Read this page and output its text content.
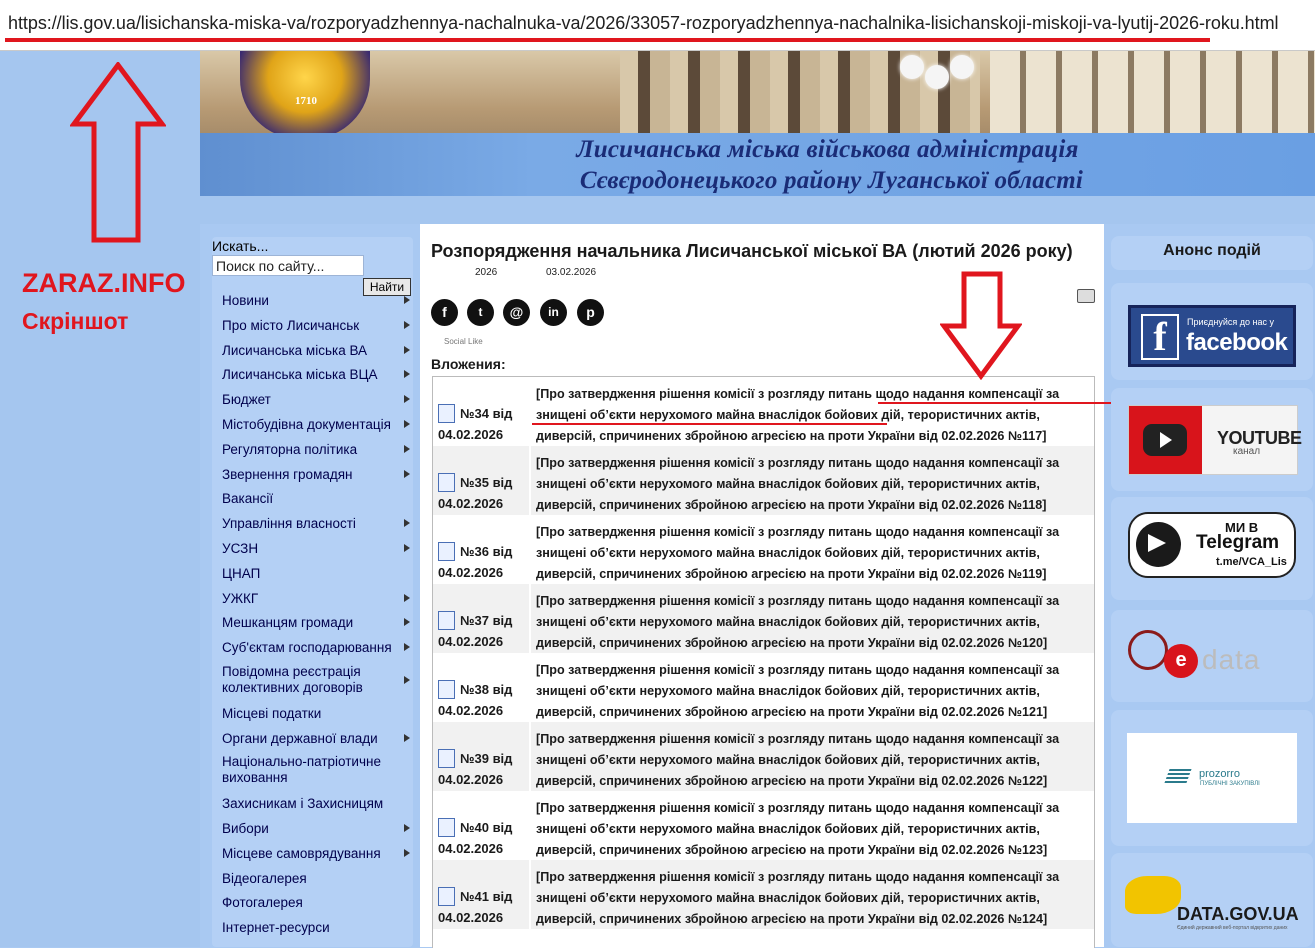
https://lis.gov.ua/lisichanska-miska-va/rozporyadzhennya-nachalnuka-va/2026/33057-rozporyadzhennya-nachalnika-lisichanskoji-miskoji-va-lyutij-2026-roku.html
1710
Лисичанська міська військова адміністрація
Сєвєродонецького району Луганської області
ZARAZ.INFO
Скріншот
Искать...
Поиск по сайту...
Найти
Новини
Про місто Лисичанськ
Лисичанська міська ВА
Лисичанська міська ВЦА
Бюджет
Містобудівна документація
Регуляторна політика
Звернення громадян
Вакансії
Управління власності
УСЗН
ЦНАП
УЖКГ
Мешканцям громади
Суб'єктам господарювання
Повідомна реєстрація колективних договорів
Місцеві податки
Органи державної влади
Національно-патріотичне виховання
Захисникам і Захисницям
Вибори
Місцеве самоврядування
Відеогалерея
Фотогалерея
Інтернет-ресурси
Розпорядження начальника Лисичанської міської ВА (лютий 2026 року)
2026	03.02.2026
f	t	@	in	p
Social Like
Вложения:
№34 від
04.02.2026
[Про затвердження рішення комісії з розгляду питань щодо надання компенсації за знищені об’єкти нерухомого майна внаслідок бойових дій, терористичних актів, диверсій, спричинених збройною агресією на проти України від 02.02.2026 №117]
№35 від
04.02.2026
[Про затвердження рішення комісії з розгляду питань щодо надання компенсації за знищені об’єкти нерухомого майна внаслідок бойових дій, терористичних актів, диверсій, спричинених збройною агресією на проти України від 02.02.2026 №118]
№36 від
04.02.2026
[Про затвердження рішення комісії з розгляду питань щодо надання компенсації за знищені об’єкти нерухомого майна внаслідок бойових дій, терористичних актів, диверсій, спричинених збройною агресією на проти України від 02.02.2026 №119]
№37 від
04.02.2026
[Про затвердження рішення комісії з розгляду питань щодо надання компенсації за знищені об’єкти нерухомого майна внаслідок бойових дій, терористичних актів, диверсій, спричинених збройною агресією на проти України від 02.02.2026 №120]
№38 від
04.02.2026
[Про затвердження рішення комісії з розгляду питань щодо надання компенсації за знищені об’єкти нерухомого майна внаслідок бойових дій, терористичних актів, диверсій, спричинених збройною агресією на проти України від 02.02.2026 №121]
№39 від
04.02.2026
[Про затвердження рішення комісії з розгляду питань щодо надання компенсації за знищені об’єкти нерухомого майна внаслідок бойових дій, терористичних актів, диверсій, спричинених збройною агресією на проти України від 02.02.2026 №122]
№40 від
04.02.2026
[Про затвердження рішення комісії з розгляду питань щодо надання компенсації за знищені об’єкти нерухомого майна внаслідок бойових дій, терористичних актів, диверсій, спричинених збройною агресією на проти України від 02.02.2026 №123]
№41 від
04.02.2026
[Про затвердження рішення комісії з розгляду питань щодо надання компенсації за знищені об’єкти нерухомого майна внаслідок бойових дій, терористичних актів, диверсій, спричинених збройною агресією на проти України від 02.02.2026 №124]
Анонс подій
f	Приєднуйся до нас у
facebook
YOUTUBE
канал
МИ В
Telegram
t.me/VCA_Lis
e data
prozorro
ПУБЛІЧНІ ЗАКУПІВЛІ
DATA.GOV.UA
Єдиний державний веб-портал відкритих даних
